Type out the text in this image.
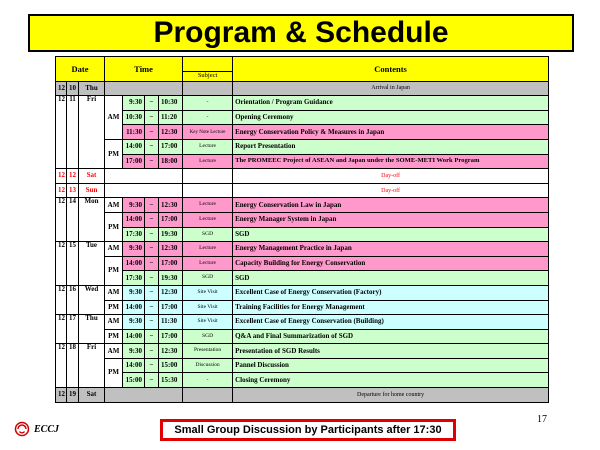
Program & Schedule
Date			Time					Contents
							Subject	
12	10	Thu						Arrival in Japan
12	11	Fri	AM	9:30	−	10:30	-	Orientation / Program Guidance
				10:30	−	11:20	-	Opening Ceremony
				11:30	−	12:30	Key Note Lecture	Energy Conservation Policy & Measures in Japan
			PM	14:00	−	17:00	Lecture	Report Presentation
				17:00	−	18:00	Lecture	The PROMEEC Project of ASEAN and Japan under the SOME-METI Work Program
12	12	Sat						Day-off
12	13	Sun						Day-off
12	14	Mon	AM	9:30	−	12:30	Lecture	Energy Conservation Law in Japan
			PM	14:00	−	17:00	Lecture	Energy Manager System in Japan
				17:30	−	19:30	SGD	SGD
12	15	Tue	AM	9:30	−	12:30	Lecture	Energy Management Practice in Japan
			PM	14:00	−	17:00	Lecture	Capacity Building for Energy Conservation
				17:30	−	19:30	SGD	SGD
12	16	Wed	AM	9:30	−	12:30	Site Visit	Excellent Case of Energy Conservation (Factory)
			PM	14:00	−	17:00	Site Visit	Training Facilities for Energy Management
12	17	Thu	AM	9:30	−	11:30	Site Visit	Excellent Case of Energy Conservation (Building)
			PM	14:00	−	17:00	SGD	Q&A and Final Summarization of SGD
12	18	Fri	AM	9:30	−	12:30	Presentation	Presentation of SGD Results
			PM	14:00	−	15:00	Discussion	Pannel Discussion
				15:00	−	15:30	-	Closing Ceremony
12	19	Sat						Departure for home country
ECCJ
17
Small Group Discussion by Participants after 17:30
